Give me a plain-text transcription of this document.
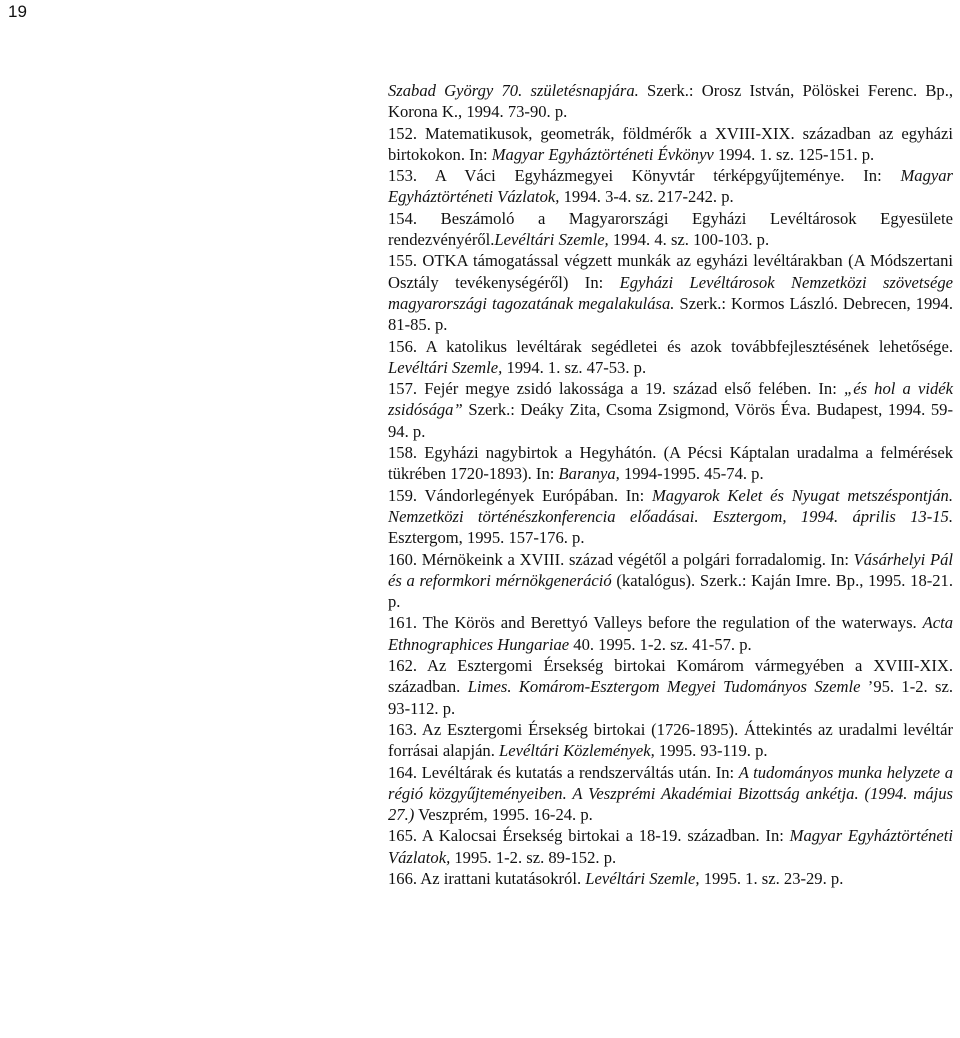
19

Szabad György 70. születésnapjára. Szerk.: Orosz István, Pölöskei Ferenc. Bp., Korona K., 1994. 73-90. p.

152. Matematikusok, geometrák, földmérők a XVIII-XIX. században az egyházi birtokokon. In: Magyar Egyháztörténeti Évkönyv 1994. 1. sz. 125-151. p.

153. A Váci Egyházmegyei Könyvtár térképgyűjteménye. In: Magyar Egyháztörténeti Vázlatok, 1994. 3-4. sz. 217-242. p.

154. Beszámoló a Magyarországi Egyházi Levéltárosok Egyesülete rendezvényéről.Levéltári Szemle, 1994. 4. sz. 100-103. p.

155. OTKA támogatással végzett munkák az egyházi levéltárakban (A Módszertani Osztály tevékenységéről) In: Egyházi Levéltárosok Nemzetközi szövetsége magyarországi tagozatának megalakulása. Szerk.: Kormos László. Debrecen, 1994. 81-85. p.

156. A katolikus levéltárak segédletei és azok továbbfejlesztésének lehetősége. Levéltári Szemle, 1994. 1. sz. 47-53. p.

157. Fejér megye zsidó lakossága a 19. század első felében. In: „és hol a vidék zsidósága” Szerk.: Deáky Zita, Csoma Zsigmond, Vörös Éva. Budapest, 1994. 59-94. p.

158. Egyházi nagybirtok a Hegyhátón. (A Pécsi Káptalan uradalma a felmérések tükrében 1720-1893). In: Baranya, 1994-1995. 45-74. p.

159. Vándorlegények Európában. In: Magyarok Kelet és Nyugat metszéspontján. Nemzetközi történészkonferencia előadásai. Esztergom, 1994. április 13-15. Esztergom, 1995. 157-176. p.

160. Mérnökeink a XVIII. század végétől a polgári forradalomig. In: Vásárhelyi Pál és a reformkori mérnökgeneráció (katalógus). Szerk.: Kaján Imre. Bp., 1995. 18-21. p.

161. The Körös and Berettyó Valleys before the regulation of the waterways. Acta Ethnographices Hungariae 40. 1995. 1-2. sz. 41-57. p.

162. Az Esztergomi Érsekség birtokai Komárom vármegyében a XVIII-XIX. században. Limes. Komárom-Esztergom Megyei Tudományos Szemle ’95. 1-2. sz. 93-112. p.

163. Az Esztergomi Érsekség birtokai (1726-1895). Áttekintés az uradalmi levéltár forrásai alapján. Levéltári Közlemények, 1995. 93-119. p.

164. Levéltárak és kutatás a rendszerváltás után. In: A tudományos munka helyzete a régió közgyűjteményeiben. A Veszprémi Akadémiai Bizottság ankétja. (1994. május 27.) Veszprém, 1995. 16-24. p.

165. A Kalocsai Érsekség birtokai a 18-19. században. In: Magyar Egyháztörténeti Vázlatok, 1995. 1-2. sz. 89-152. p.

166. Az irattani kutatásokról. Levéltári Szemle, 1995. 1. sz. 23-29. p.
